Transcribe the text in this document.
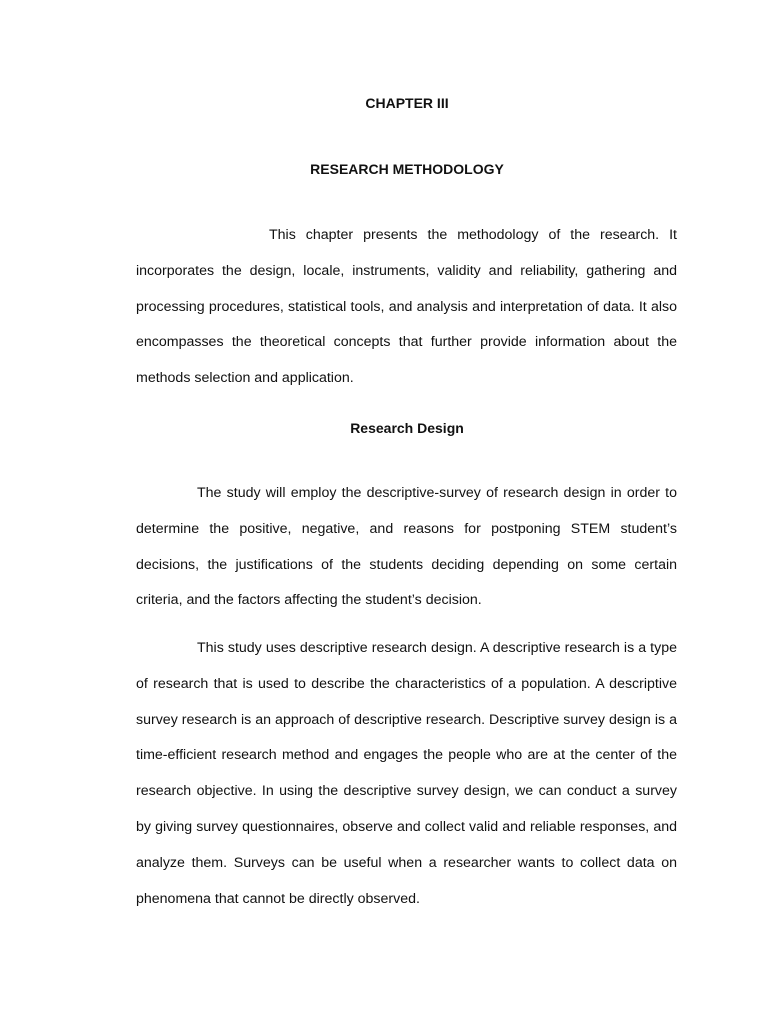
CHAPTER III
RESEARCH METHODOLOGY

This chapter presents the methodology of the research. It incorporates the design, locale, instruments, validity and reliability, gathering and processing procedures, statistical tools, and analysis and interpretation of data. It also encompasses the theoretical concepts that further provide information about the methods selection and application.

Research Design

The study will employ the descriptive-survey of research design in order to determine the positive, negative, and reasons for postponing STEM student’s decisions, the justifications of the students deciding depending on some certain criteria, and the factors affecting the student’s decision.

This study uses descriptive research design. A descriptive research is a type of research that is used to describe the characteristics of a population. A descriptive survey research is an approach of descriptive research. Descriptive survey design is a time-efficient research method and engages the people who are at the center of the research objective. In using the descriptive survey design, we can conduct a survey by giving survey questionnaires, observe and collect valid and reliable responses, and analyze them. Surveys can be useful when a researcher wants to collect data on phenomena that cannot be directly observed.
